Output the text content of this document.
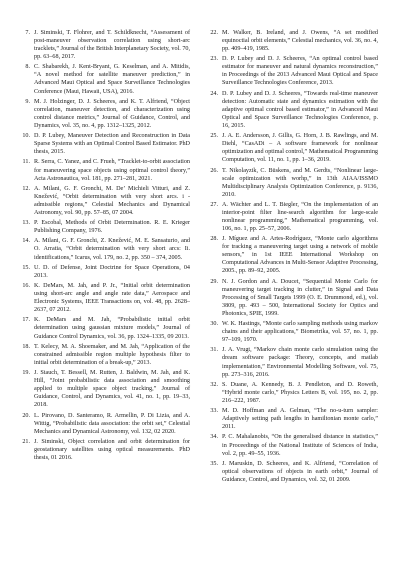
7. J. Siminski, T. Flohrer, and T. Schildknecht, “Assessment of post-maneuver observation correlation using short-arc tracklets,” Journal of the British Interplanetary Society, vol. 70, pp. 63–68, 2017.
8. C. Shabarekh, J. Kent-Bryant, G. Keselman, and A. Mitidis, “A novel method for satellite maneuver prediction,” in Advanced Maui Optical and Space Surveillance Technologies Conference (Maui, Hawaii, USA), 2016.
9. M. J. Holzinger, D. J. Scheeres, and K. T. Alfriend, “Object correlation, maneuver detection, and characterization using control distance metrics,” Journal of Guidance, Control, and Dynamics, vol. 35, no. 4, pp. 1312–1325, 2012.
10. D. P. Lubey, Maneuver Detection and Reconstruction in Data Sparse Systems with an Optimal Control Based Estimator. PhD thesis, 2015.
11. R. Serra, C. Yanez, and C. Frueh, “Tracklet-to-orbit association for maneuvering space objects using optimal control theory,” Acta Astronautica, vol. 181, pp. 271–281, 2021.
12. A. Milani, G. F. Gronchi, M. De’ Michieli Vitturi, and Z. Knežević, “Orbit determination with very short arcs. i - admissible regions,” Celestial Mechanics and Dynamical Astronomy, vol. 90, pp. 57–85, 07 2004.
13. P. Escobal, Methods of Orbit Determination. R. E. Krieger Publishing Company, 1976.
14. A. Milani, G. F. Gronchi, Z. Knežević, M. E. Sansaturio, and O. Arratia, “Orbit determination with very short arcs: Ii. identifications,” Icarus, vol. 179, no. 2, pp. 350 – 374, 2005.
15. U. D. of Defense, Joint Doctrine for Space Operations, 04 2013.
16. K. DeMars, M. Jah, and P. Jr., “Initial orbit determination using short-arc angle and angle rate data,” Aerospace and Electronic Systems, IEEE Transactions on, vol. 48, pp. 2628–2637, 07 2012.
17. K. DeMars and M. Jah, “Probabilistic initial orbit determination using gaussian mixture models,” Journal of Guidance Control Dynamics, vol. 36, pp. 1324–1335, 09 2013.
18. T. Kelecy, M. A. Shoemaker, and M. Jah, “Application of the constrained admissible region multiple hypothesis filter to initial orbit determination of a break-up,” 2013.
19. J. Stauch, T. Bessell, M. Rutten, J. Baldwin, M. Jah, and K. Hill, “Joint probabilistic data association and smoothing applied to multiple space object tracking,” Journal of Guidance, Control, and Dynamics, vol. 41, no. 1, pp. 19–33, 2018.
20. L. Pirovano, D. Santeramo, R. Armellin, P. Di Lizia, and A. Wittig, “Probabilistic data association: the orbit set,” Celestial Mechanics and Dynamical Astronomy, vol. 132, 02 2020.
21. J. Siminski, Object correlation and orbit determination for geostationary satellites using optical measurements. PhD thesis, 01 2016.
22. M. Walker, B. Ireland, and J. Owens, “A set modified equinoctial orbit elements,” Celestial mechanics, vol. 36, no. 4, pp. 409–419, 1985.
23. D. P. Lubey and D. J. Scheeres, “An optimal control based estimator for maneuver and natural dynamics reconstruction,” in Proceedings of the 2013 Advanced Maui Optical and Space Surveillance Technologies Conference, 2013.
24. D. P. Lubey and D. J. Scheeres, “Towards real-time maneuver detection: Automatic state and dynamics estimation with the adaptive optimal control based estimator,” in Advanced Maui Optical and Space Surveillance Technologies Conference, p. 16, 2015.
25. J. A. E. Andersson, J. Gillis, G. Horn, J. B. Rawlings, and M. Diehl, “CasADi – A software framework for nonlinear optimization and optimal control,” Mathematical Programming Computation, vol. 11, no. 1, pp. 1–36, 2019.
26. T. Nikolayzik, C. Büskens, and M. Gerdts, “Nonlinear large-scale optimization with worhp,” in 13th AIAA/ISSMO Multidisciplinary Analysis Optimization Conference, p. 9136, 2010.
27. A. Wächter and L. T. Biegler, “On the implementation of an interior-point filter line-search algorithm for large-scale nonlinear programming,” Mathematical programming, vol. 106, no. 1, pp. 25–57, 2006.
28. J. Míguez and A. Artes-Rodríguez, “Monte carlo algorithms for tracking a maneuvering target using a network of mobile sensors,” in 1st IEEE International Workshop on Computational Advances in Multi-Sensor Adaptive Processing, 2005., pp. 89–92, 2005.
29. N. J. Gordon and A. Doucet, “Sequential Monte Carlo for maneuvering target tracking in clutter,” in Signal and Data Processing of Small Targets 1999 (O. E. Drummond, ed.), vol. 3809, pp. 493 – 500, International Society for Optics and Photonics, SPIE, 1999.
30. W. K. Hastings, “Monte carlo sampling methods using markov chains and their applications,” Biometrika, vol. 57, no. 1, pp. 97–109, 1970.
31. J. A. Vrugt, “Markov chain monte carlo simulation using the dream software package: Theory, concepts, and matlab implementation,” Environmental Modelling Software, vol. 75, pp. 273–316, 2016.
32. S. Duane, A. Kennedy, B. J. Pendleton, and D. Roweth, “Hybrid monte carlo,” Physics Letters B, vol. 195, no. 2, pp. 216–222, 1987.
33. M. D. Hoffman and A. Gelman, “The no-u-turn sampler: Adaptively setting path lengths in hamiltonian monte carlo,” 2011.
34. P. C. Mahalanobis, “On the generalised distance in statistics,” in Proceedings of the National Institute of Sciences of India, vol. 2, pp. 49–55, 1936.
35. J. Maruskin, D. Scheeres, and K. Alfriend, “Correlation of optical observations of objects in earth orbit,” Journal of Guidance, Control, and Dynamics, vol. 32, 01 2009.
